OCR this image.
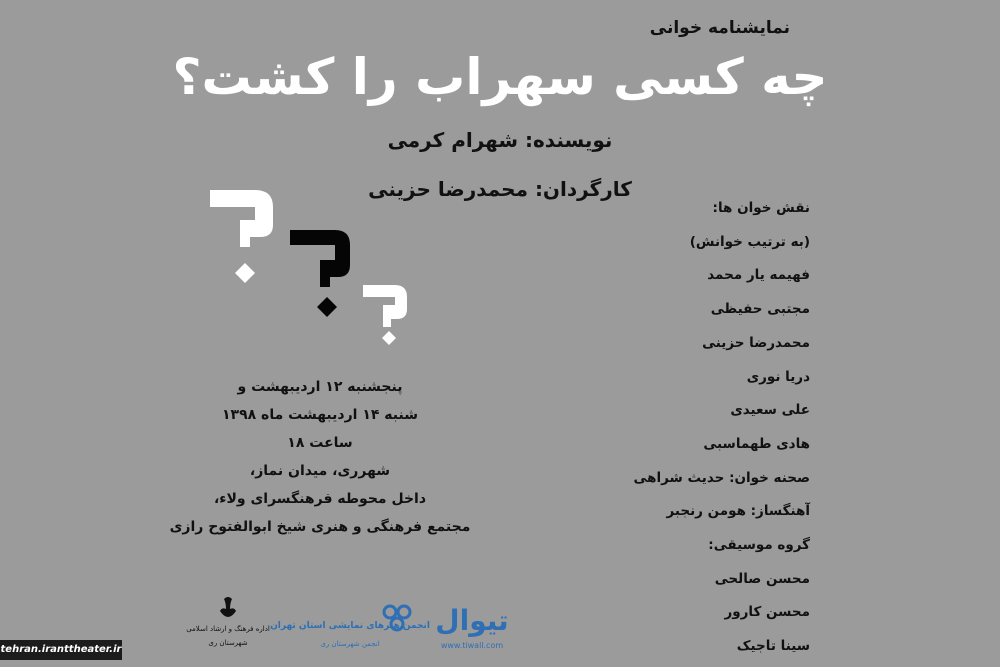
نمایشنامه خوانی
چه کسی سهراب را کشت؟
نویسنده: شهرام کرمی
کارگردان: محمدرضا حزینی
؟
؟
پنجشنبه ۱۲ اردیبهشت و
شنبه ۱۴ اردیبهشت ماه ۱۳۹۸
ساعت ۱۸
شهرری، میدان نماز،
داخل محوطه فرهنگسرای ولاء،
مجتمع فرهنگی و هنری شیخ ابوالفتوح رازی
نقش خوان ها:
(به ترتیب خوانش)
فهیمه یار محمد
مجتبی حفیظی
محمدرضا حزینی
دریا نوری
علی سعیدی
هادی طهماسبی
صحنه خوان: حدیث شراهی
آهنگساز: هومن رنجبر
گروه موسیقی:
محسن صالحی
محسن کارور
سینا تاجیک
اداره فرهنگ و ارشاد اسلامی
شهرستان ری
انجمن هنرهای نمایشی استان تهران
انجمن شهرستان ری
تیوال
www.tiwall.com
tehran.iranttheater.ir
